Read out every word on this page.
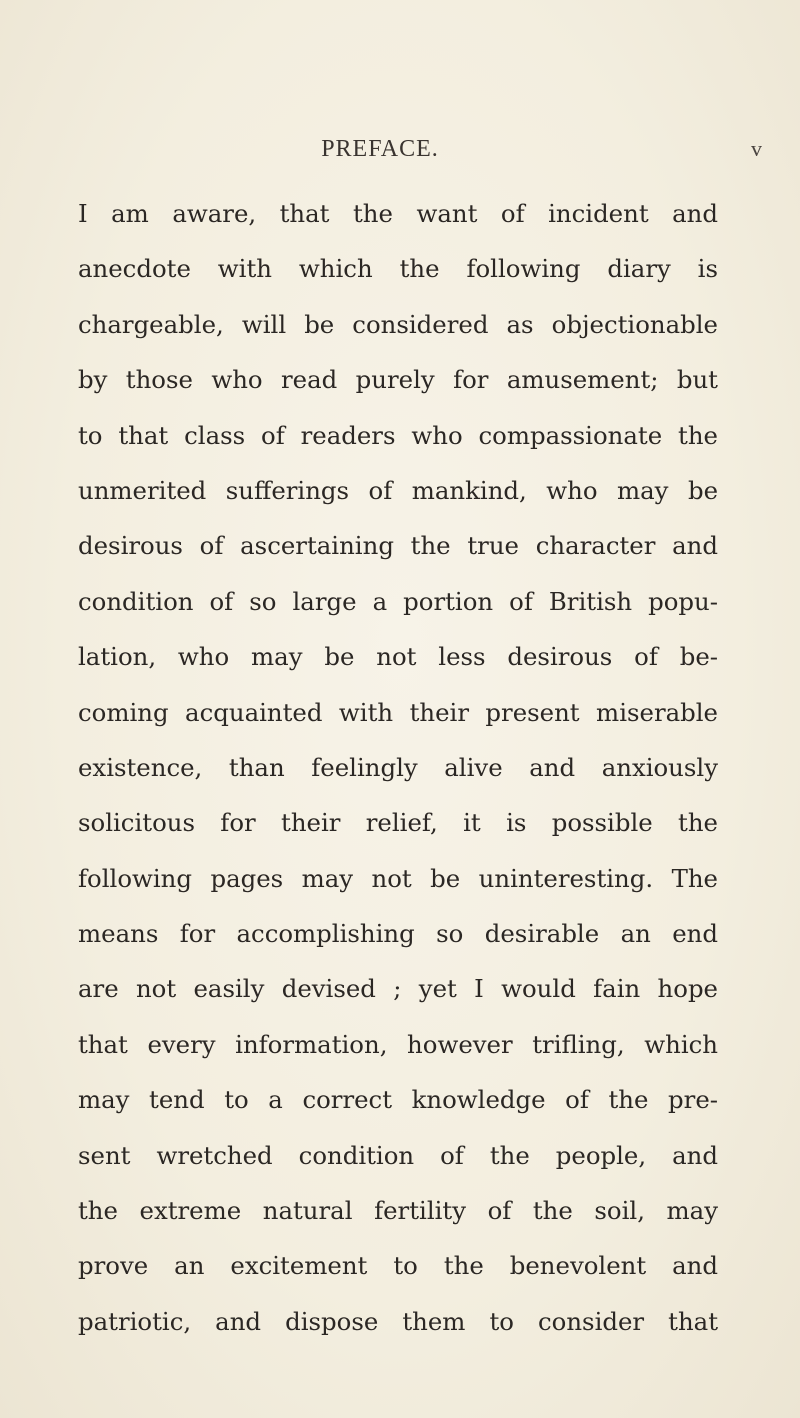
PREFACE.	v
I am aware, that the want of incident and
anecdote with which the following diary is
chargeable, will be considered as objectionable
by those who read purely for amusement; but
to that class of readers who compassionate the
unmerited sufferings of mankind, who may be
desirous of ascertaining the true character and
condition of so large a portion of British popu-
lation, who may be not less desirous of be-
coming acquainted with their present miserable
existence, than feelingly alive and anxiously
solicitous for their relief, it is possible the
following pages may not be uninteresting. The
means for accomplishing so desirable an end
are not easily devised ; yet I would fain hope
that every information, however trifling, which
may tend to a correct knowledge of the pre-
sent wretched condition of the people, and
the extreme natural fertility of the soil, may
prove an excitement to the benevolent and
patriotic, and dispose them to consider that
